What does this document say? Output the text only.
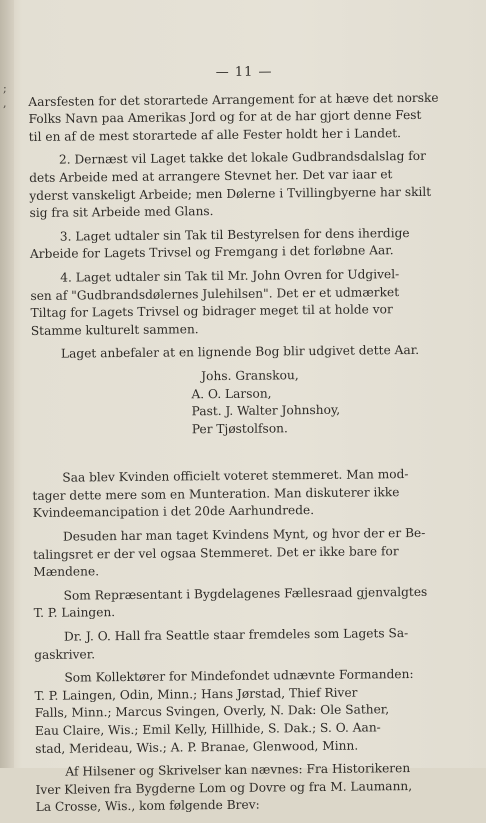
;
,
— 11 —
Aarsfesten for det storartede Arrangement for at hæve det norske
Folks Navn paa Amerikas Jord og for at de har gjort denne Fest
til en af de mest storartede af alle Fester holdt her i Landet.
2. Dernæst vil Laget takke det lokale Gudbrandsdalslag for
dets Arbeide med at arrangere Stevnet her. Det var iaar et
yderst vanskeligt Arbeide; men Dølerne i Tvillingbyerne har skilt
sig fra sit Arbeide med Glans.
3. Laget udtaler sin Tak til Bestyrelsen for dens iherdige
Arbeide for Lagets Trivsel og Fremgang i det forløbne Aar.
4. Laget udtaler sin Tak til Mr. John Ovren for Udgivel-
sen af "Gudbrandsdølernes Julehilsen". Det er et udmærket
Tiltag for Lagets Trivsel og bidrager meget til at holde vor
Stamme kulturelt sammen.
Laget anbefaler at en lignende Bog blir udgivet dette Aar.
Johs. Granskou,
A. O. Larson,
Past. J. Walter Johnshoy,
Per Tjøstolfson.
Saa blev Kvinden officielt voteret stemmeret. Man mod-
tager dette mere som en Munteration. Man diskuterer ikke
Kvindeemancipation i det 20de Aarhundrede.
Desuden har man taget Kvindens Mynt, og hvor der er Be-
talingsret er der vel ogsaa Stemmeret. Det er ikke bare for
Mændene.
Som Repræsentant i Bygdelagenes Fællesraad gjenvalgtes
T. P. Laingen.
Dr. J. O. Hall fra Seattle staar fremdeles som Lagets Sa-
gaskriver.
Som Kollektører for Mindefondet udnævnte Formanden:
T. P. Laingen, Odin, Minn.; Hans Jørstad, Thief River
Falls, Minn.; Marcus Svingen, Overly, N. Dak: Ole Sather,
Eau Claire, Wis.; Emil Kelly, Hillhide, S. Dak.; S. O. Aan-
stad, Merideau, Wis.; A. P. Branae, Glenwood, Minn.
Af Hilsener og Skrivelser kan nævnes: Fra Historikeren
Iver Kleiven fra Bygderne Lom og Dovre og fra M. Laumann,
La Crosse, Wis., kom følgende Brev:
